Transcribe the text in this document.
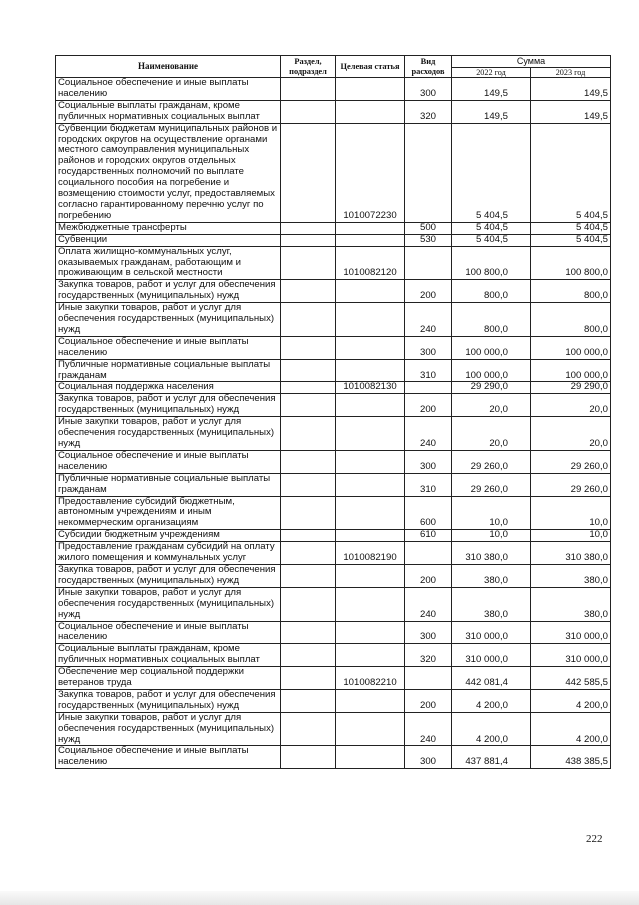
Наименование	Раздел, подраздел	Целевая статья	Вид расходов	Сумма	
				2022 год	2023 год
Социальное обеспечение и иные выплаты населению			300	149,5	149,5
Социальные выплаты гражданам, кроме публичных нормативных социальных выплат			320	149,5	149,5
Субвенции бюджетам муниципальных районов и городских округов на осуществление органами местного самоуправления муниципальных районов и городских округов отдельных государственных полномочий по выплате социального пособия на погребение и возмещению стоимости услуг, предоставляемых согласно гарантированному перечню услуг по погребению		1010072230		5 404,5	5 404,5
Межбюджетные трансферты			500	5 404,5	5 404,5
Субвенции			530	5 404,5	5 404,5
Оплата жилищно-коммунальных услуг, оказываемых гражданам, работающим и проживающим в сельской местности		1010082120		100 800,0	100 800,0
Закупка товаров, работ и услуг для обеспечения государственных (муниципальных) нужд			200	800,0	800,0
Иные закупки товаров, работ и услуг для обеспечения государственных (муниципальных) нужд			240	800,0	800,0
Социальное обеспечение и иные выплаты населению			300	100 000,0	100 000,0
Публичные нормативные социальные выплаты гражданам			310	100 000,0	100 000,0
Социальная поддержка населения		1010082130		29 290,0	29 290,0
Закупка товаров, работ и услуг для обеспечения государственных (муниципальных) нужд			200	20,0	20,0
Иные закупки товаров, работ и услуг для обеспечения государственных (муниципальных) нужд			240	20,0	20,0
Социальное обеспечение и иные выплаты населению			300	29 260,0	29 260,0
Публичные нормативные социальные выплаты гражданам			310	29 260,0	29 260,0
Предоставление субсидий бюджетным, автономным учреждениям и иным некоммерческим организациям			600	10,0	10,0
Субсидии бюджетным учреждениям			610	10,0	10,0
Предоставление гражданам субсидий на оплату жилого помещения и коммунальных услуг		1010082190		310 380,0	310 380,0
Закупка товаров, работ и услуг для обеспечения государственных (муниципальных) нужд			200	380,0	380,0
Иные закупки товаров, работ и услуг для обеспечения государственных (муниципальных) нужд			240	380,0	380,0
Социальное обеспечение и иные выплаты населению			300	310 000,0	310 000,0
Социальные выплаты гражданам, кроме публичных нормативных социальных выплат			320	310 000,0	310 000,0
Обеспечение мер социальной поддержки ветеранов труда		1010082210		442 081,4	442 585,5
Закупка товаров, работ и услуг для обеспечения государственных (муниципальных) нужд			200	4 200,0	4 200,0
Иные закупки товаров, работ и услуг для обеспечения государственных (муниципальных) нужд			240	4 200,0	4 200,0
Социальное обеспечение и иные выплаты населению			300	437 881,4	438 385,5
222
